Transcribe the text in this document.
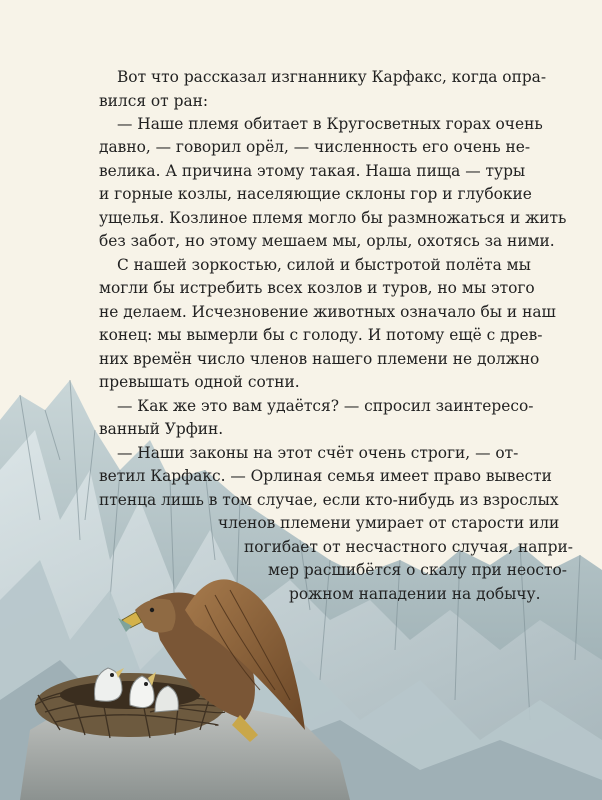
Вот что рассказал изгнаннику Карфакс, когда опра-

вился от ран:

— Наше племя обитает в Кругосветных горах очень

давно, — говорил орёл, — численность его очень не-

велика. А причина этому такая. Наша пища — туры

и горные козлы, населяющие склоны гор и глубокие

ущелья. Козлиное племя могло бы размножаться и жить

без забот, но этому мешаем мы, орлы, охотясь за ними.

С нашей зоркостью, силой и быстротой полёта мы

могли бы истребить всех козлов и туров, но мы этого

не делаем. Исчезновение животных означало бы и наш

конец: мы вымерли бы с голоду. И потому ещё с древ-

них времён число членов нашего племени не должно

превышать одной сотни.

— Как же это вам удаётся? — спросил заинтересо-

ванный Урфин.

— Наши законы на этот счёт очень строги, — от-

ветил Карфакс. — Орлиная семья имеет право вывести

птенца лишь в том случае, если кто-нибудь из взрослых

членов племени умирает от старости или

погибает от несчастного случая, напри-

мер расшибётся о скалу при неосто-

рожном нападении на добычу.
